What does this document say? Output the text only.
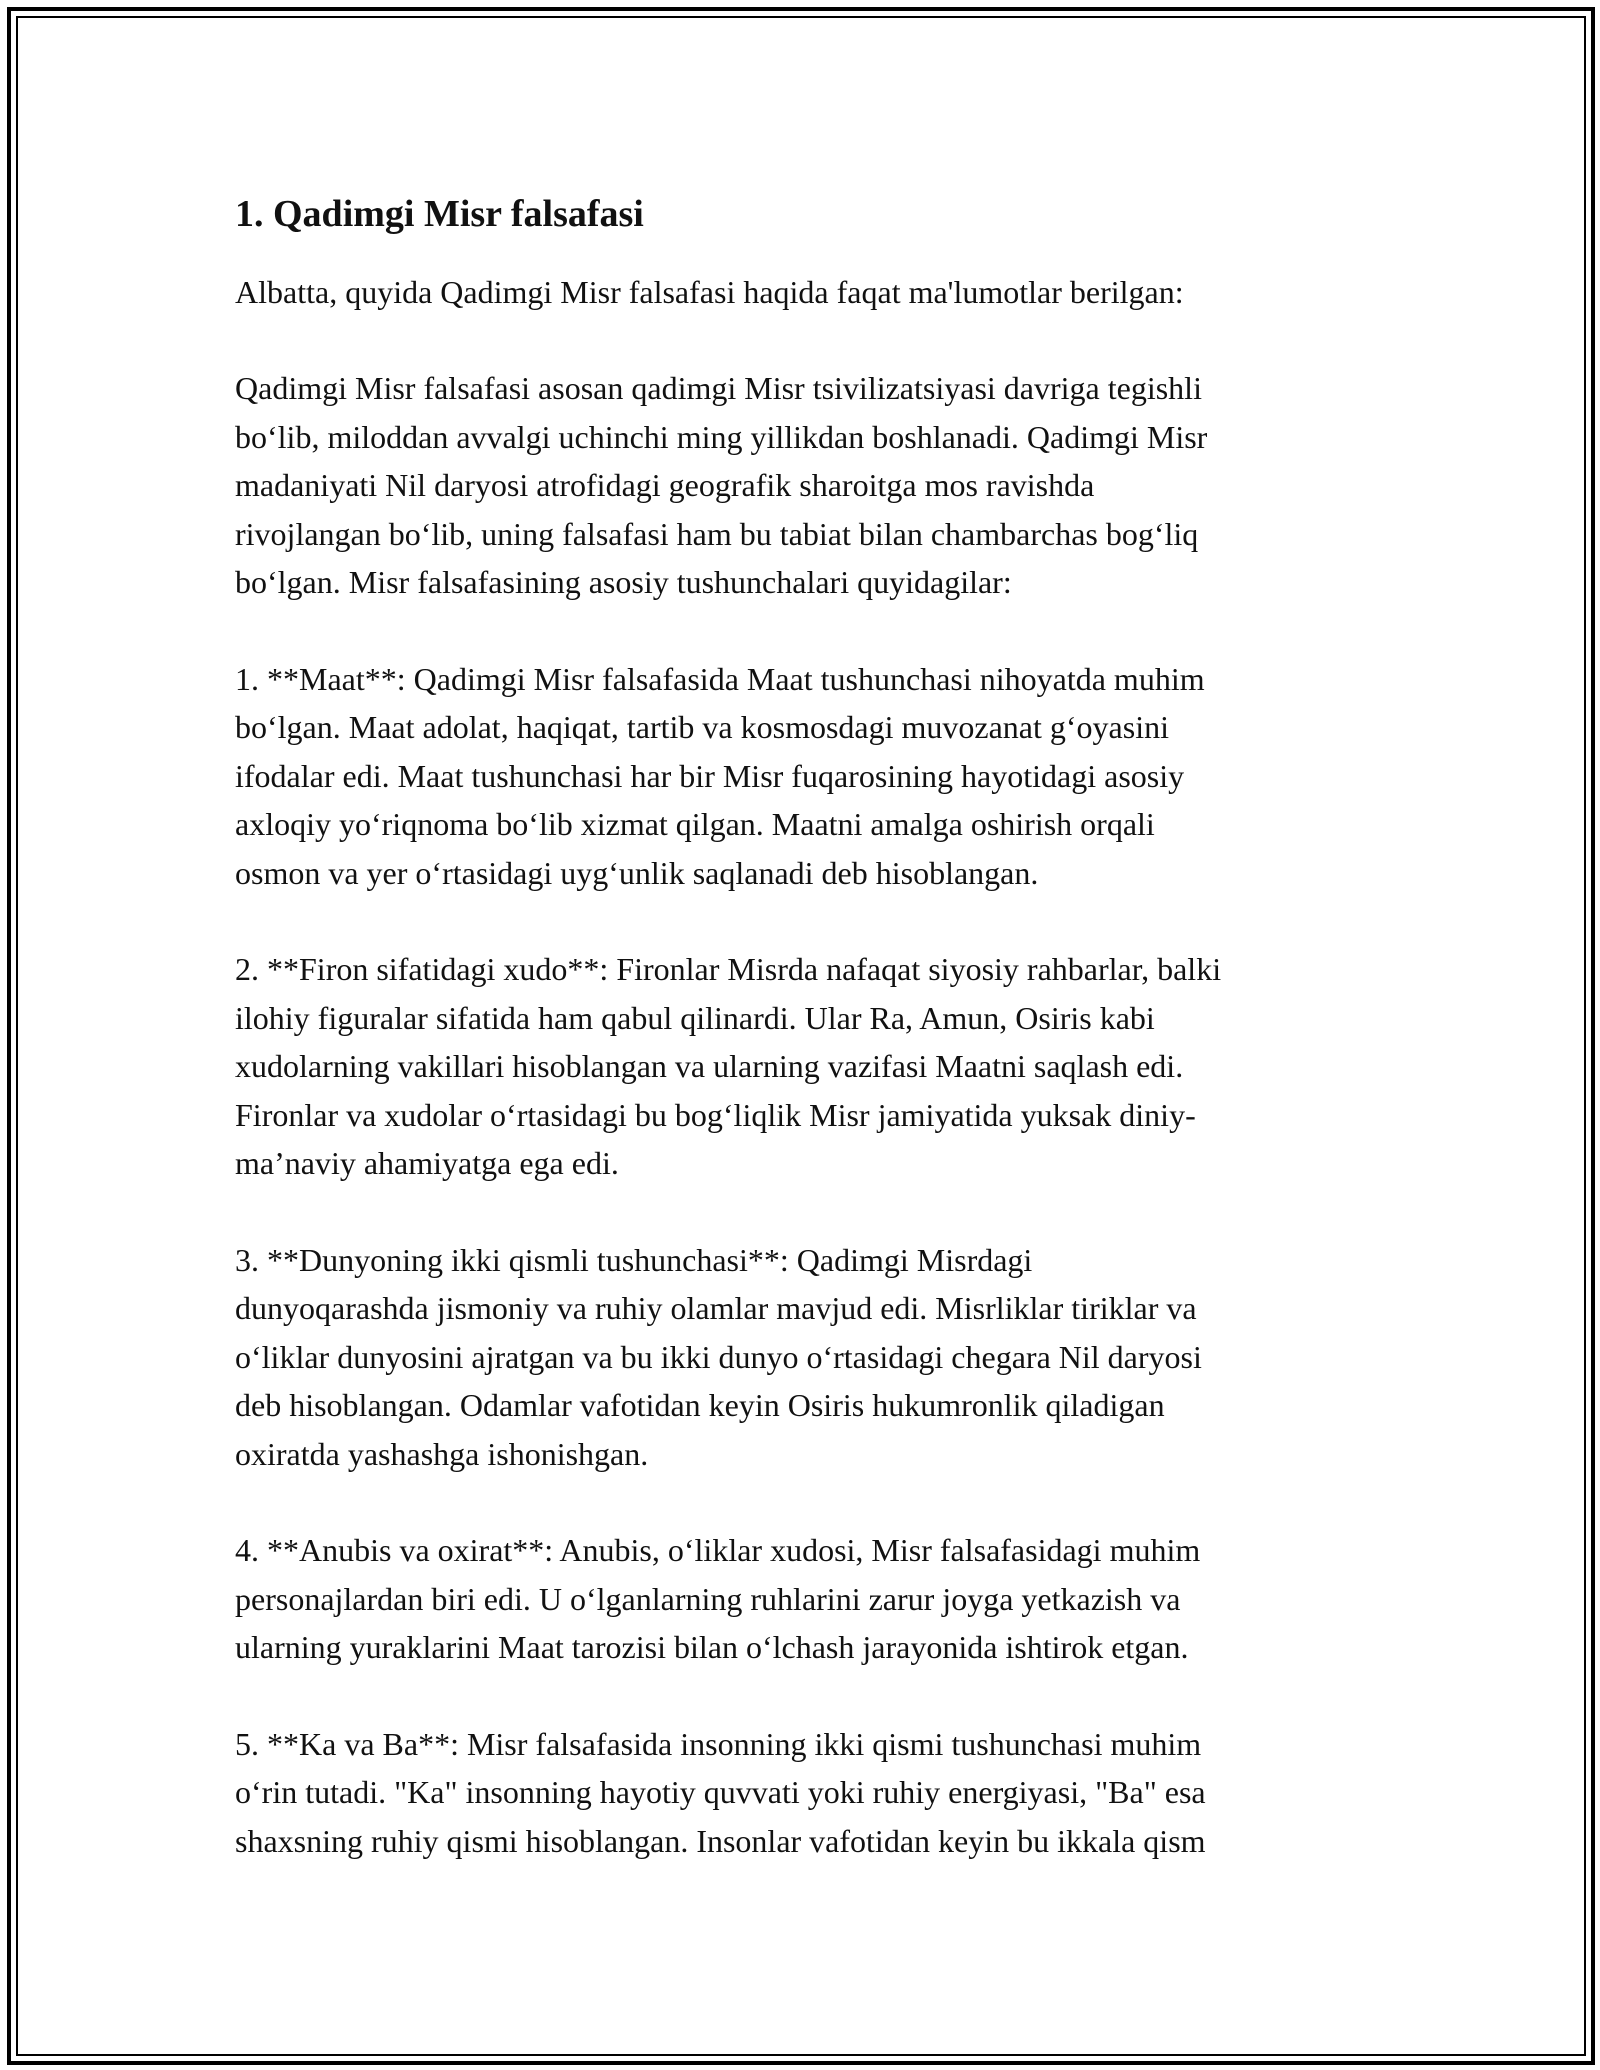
1. Qadimgi Misr falsafasi

Albatta, quyida Qadimgi Misr falsafasi haqida faqat ma'lumotlar berilgan:

Qadimgi Misr falsafasi asosan qadimgi Misr tsivilizatsiyasi davriga tegishli
bo‘lib, miloddan avvalgi uchinchi ming yillikdan boshlanadi. Qadimgi Misr
madaniyati Nil daryosi atrofidagi geografik sharoitga mos ravishda
rivojlangan bo‘lib, uning falsafasi ham bu tabiat bilan chambarchas bog‘liq
bo‘lgan. Misr falsafasining asosiy tushunchalari quyidagilar:

1. **Maat**: Qadimgi Misr falsafasida Maat tushunchasi nihoyatda muhim
bo‘lgan. Maat adolat, haqiqat, tartib va kosmosdagi muvozanat g‘oyasini
ifodalar edi. Maat tushunchasi har bir Misr fuqarosining hayotidagi asosiy
axloqiy yo‘riqnoma bo‘lib xizmat qilgan. Maatni amalga oshirish orqali
osmon va yer o‘rtasidagi uyg‘unlik saqlanadi deb hisoblangan.

2. **Firon sifatidagi xudo**: Fironlar Misrda nafaqat siyosiy rahbarlar, balki
ilohiy figuralar sifatida ham qabul qilinardi. Ular Ra, Amun, Osiris kabi
xudolarning vakillari hisoblangan va ularning vazifasi Maatni saqlash edi.
Fironlar va xudolar o‘rtasidagi bu bog‘liqlik Misr jamiyatida yuksak diniy-
ma’naviy ahamiyatga ega edi.

3. **Dunyoning ikki qismli tushunchasi**: Qadimgi Misrdagi
dunyoqarashda jismoniy va ruhiy olamlar mavjud edi. Misrliklar tiriklar va
o‘liklar dunyosini ajratgan va bu ikki dunyo o‘rtasidagi chegara Nil daryosi
deb hisoblangan. Odamlar vafotidan keyin Osiris hukumronlik qiladigan
oxiratda yashashga ishonishgan.

4. **Anubis va oxirat**: Anubis, o‘liklar xudosi, Misr falsafasidagi muhim
personajlardan biri edi. U o‘lganlarning ruhlarini zarur joyga yetkazish va
ularning yuraklarini Maat tarozisi bilan o‘lchash jarayonida ishtirok etgan.

5. **Ka va Ba**: Misr falsafasida insonning ikki qismi tushunchasi muhim
o‘rin tutadi. "Ka" insonning hayotiy quvvati yoki ruhiy energiyasi, "Ba" esa
shaxsning ruhiy qismi hisoblangan. Insonlar vafotidan keyin bu ikkala qism
